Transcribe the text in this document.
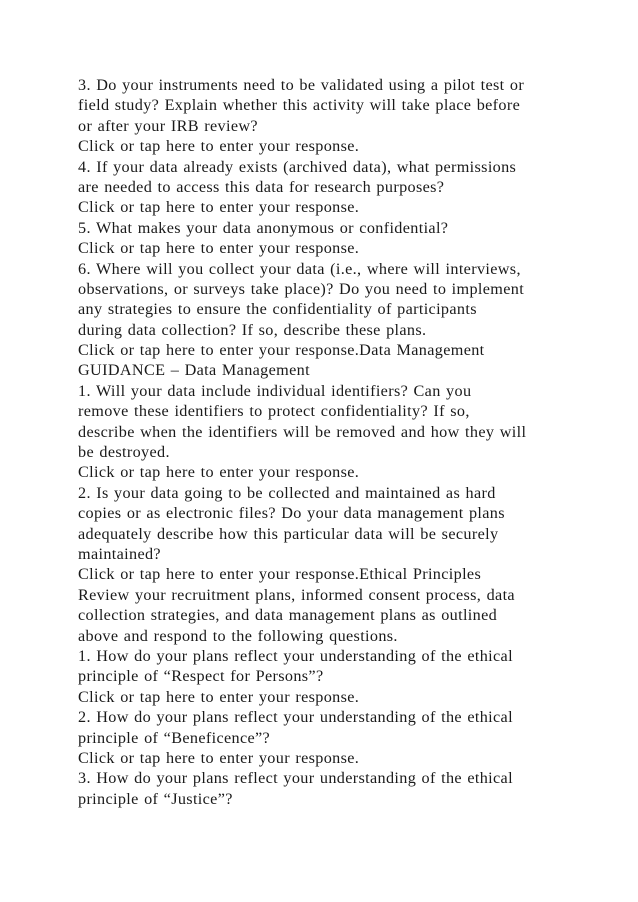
3. Do your instruments need to be validated using a pilot test or
field study? Explain whether this activity will take place before
or after your IRB review?
Click or tap here to enter your response.
4. If your data already exists (archived data), what permissions
are needed to access this data for research purposes?
Click or tap here to enter your response.
5. What makes your data anonymous or confidential?
Click or tap here to enter your response.
6. Where will you collect your data (i.e., where will interviews,
observations, or surveys take place)? Do you need to implement
any strategies to ensure the confidentiality of participants
during data collection? If so, describe these plans.
Click or tap here to enter your response.Data Management
GUIDANCE – Data Management
1. Will your data include individual identifiers? Can you
remove these identifiers to protect confidentiality? If so,
describe when the identifiers will be removed and how they will
be destroyed.
Click or tap here to enter your response.
2. Is your data going to be collected and maintained as hard
copies or as electronic files? Do your data management plans
adequately describe how this particular data will be securely
maintained?
Click or tap here to enter your response.Ethical Principles
Review your recruitment plans, informed consent process, data
collection strategies, and data management plans as outlined
above and respond to the following questions.
1. How do your plans reflect your understanding of the ethical
principle of “Respect for Persons”?
Click or tap here to enter your response.
2. How do your plans reflect your understanding of the ethical
principle of “Beneficence”?
Click or tap here to enter your response.
3. How do your plans reflect your understanding of the ethical
principle of “Justice”?
